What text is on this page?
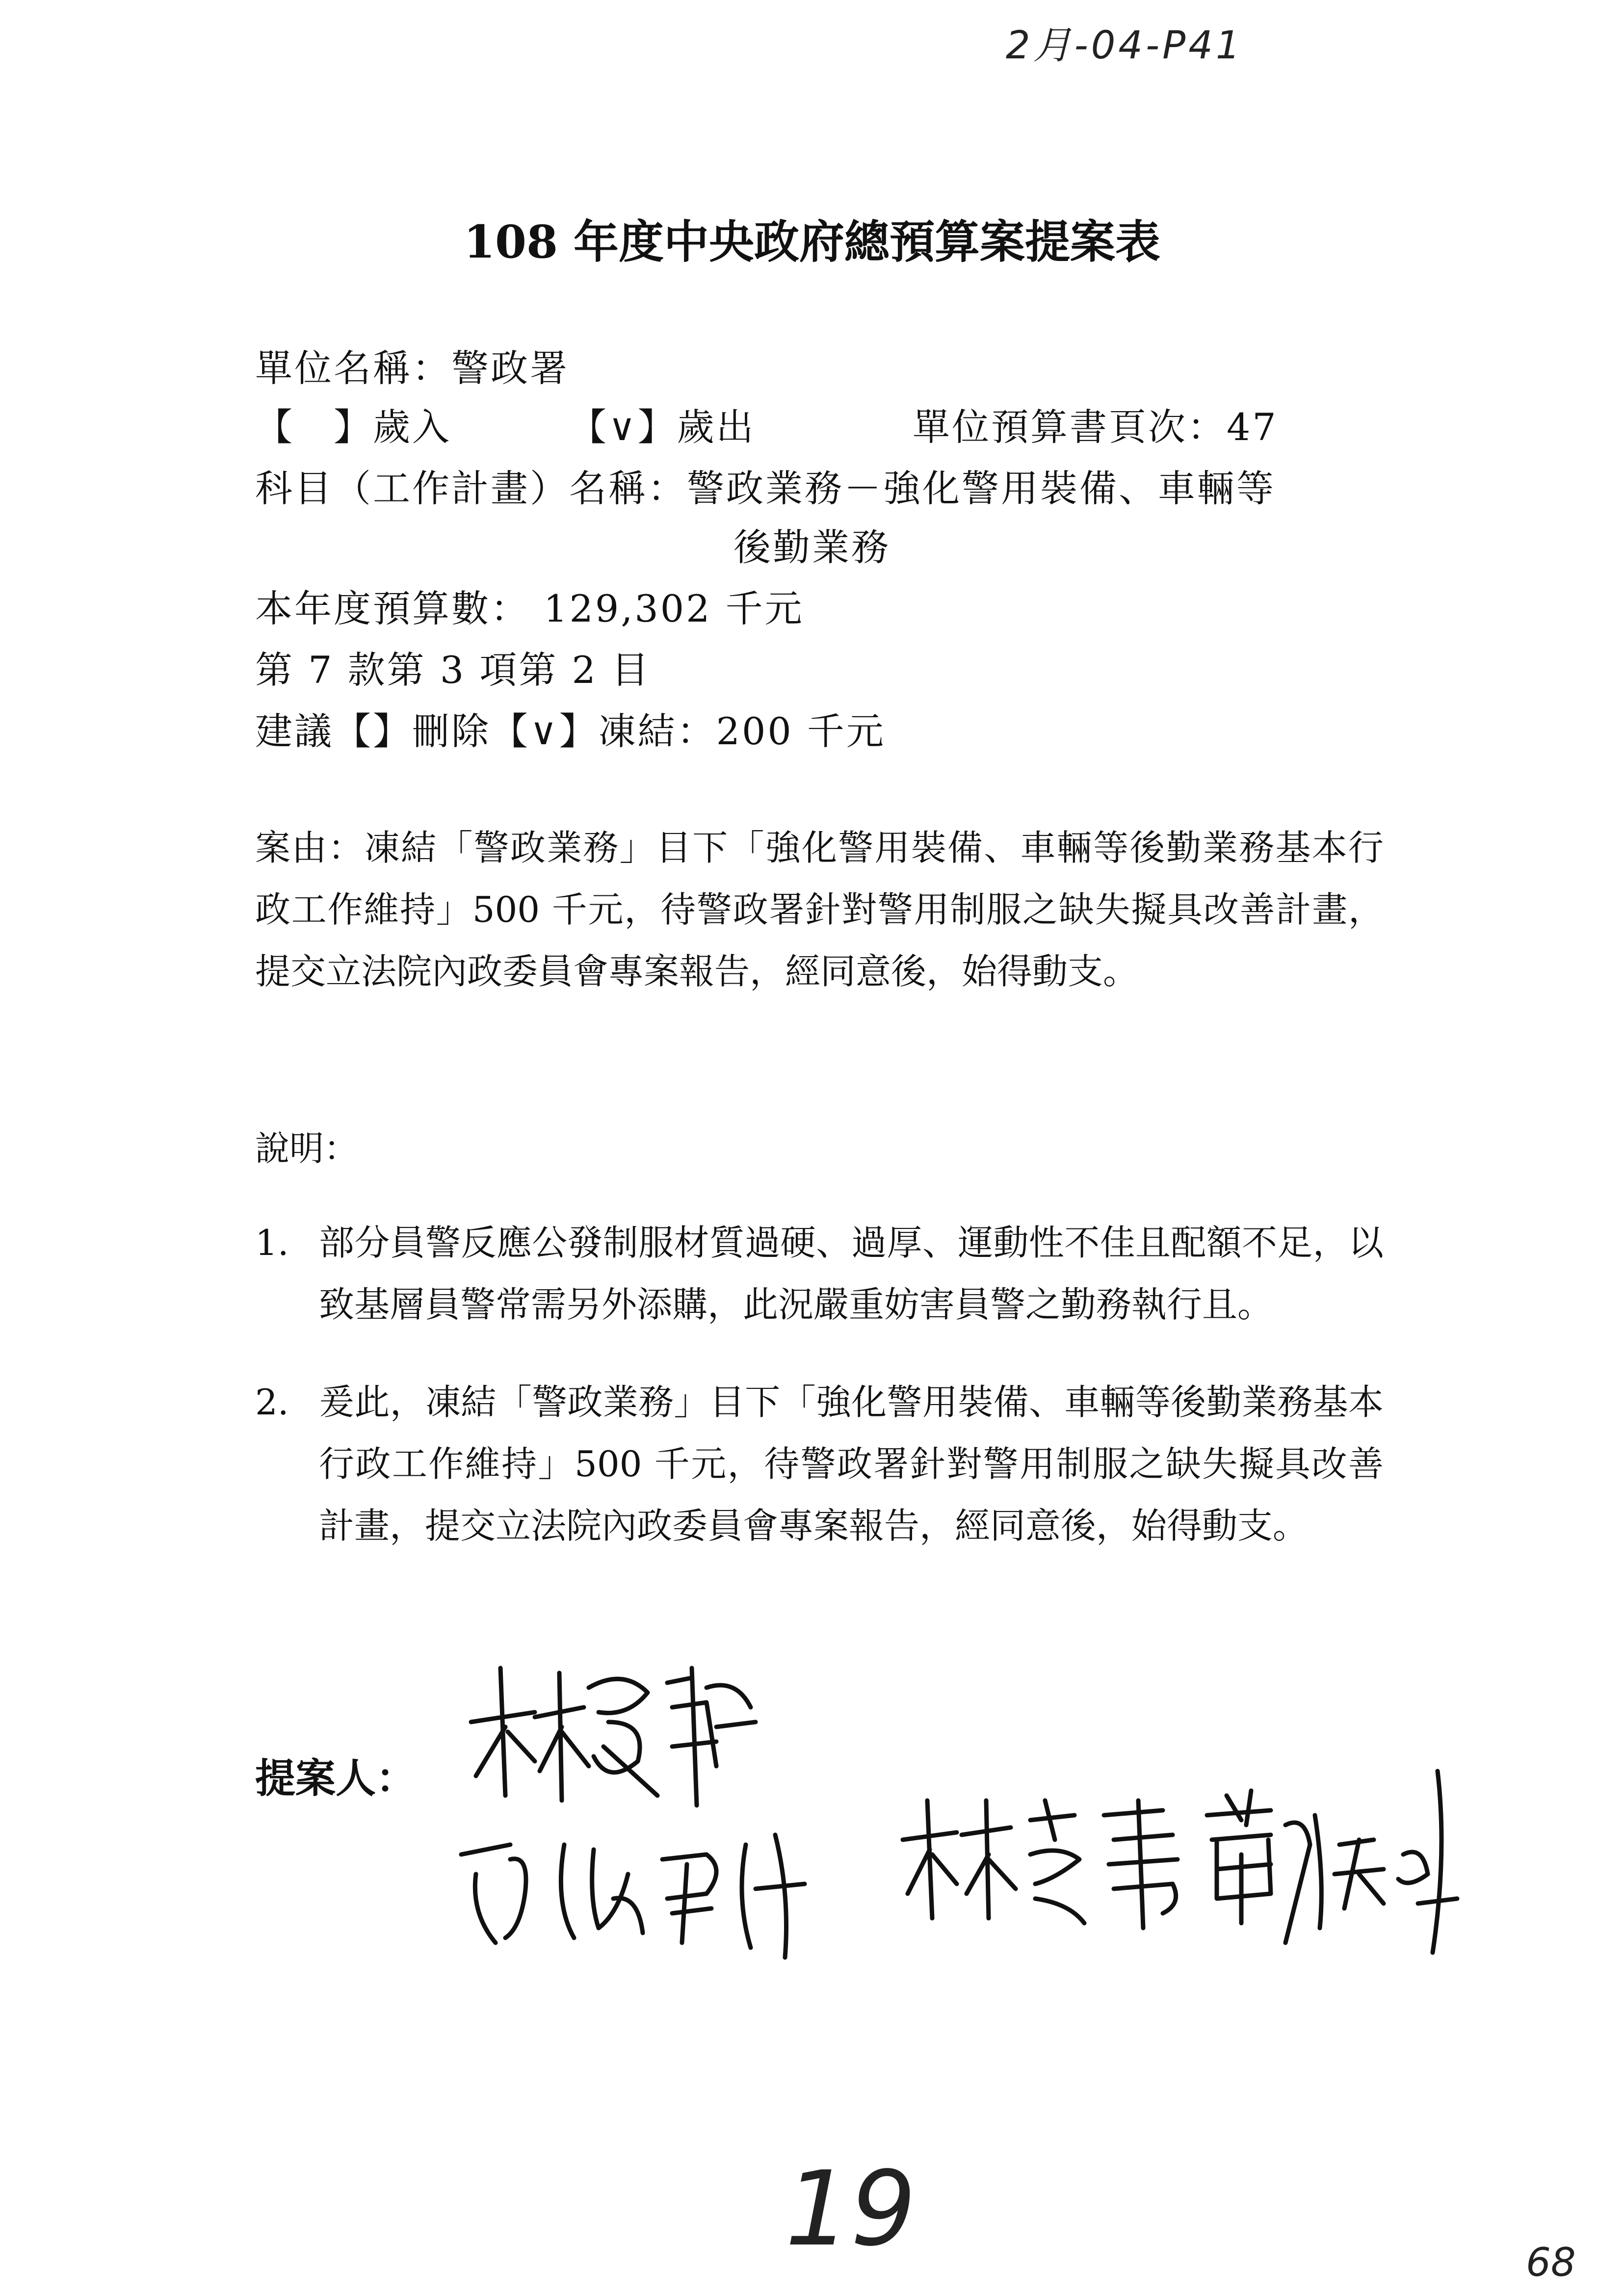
2月-04-P41
108 年度中央政府總預算案提案表
單位名稱：警政署
【　】歲入	【∨】歲出	單位預算書頁次：47
科目（工作計畫）名稱：警政業務－強化警用裝備、車輛等
後勤業務
本年度預算數： 129,302 千元
第 7 款第 3 項第 2 目
建議【】刪除【∨】凍結：200 千元
案由：凍結「警政業務」目下「強化警用裝備、車輛等後勤業務基本行政工作維持」500 千元，待警政署針對警用制服之缺失擬具改善計畫，提交立法院內政委員會專案報告，經同意後，始得動支。
說明：
1. 部分員警反應公發制服材質過硬、過厚、運動性不佳且配額不足，以致基層員警常需另外添購，此況嚴重妨害員警之勤務執行且。
2. 爰此，凍結「警政業務」目下「強化警用裝備、車輛等後勤業務基本行政工作維持」500 千元，待警政署針對警用制服之缺失擬具改善計畫，提交立法院內政委員會專案報告，經同意後，始得動支。
提案人：
19	68
